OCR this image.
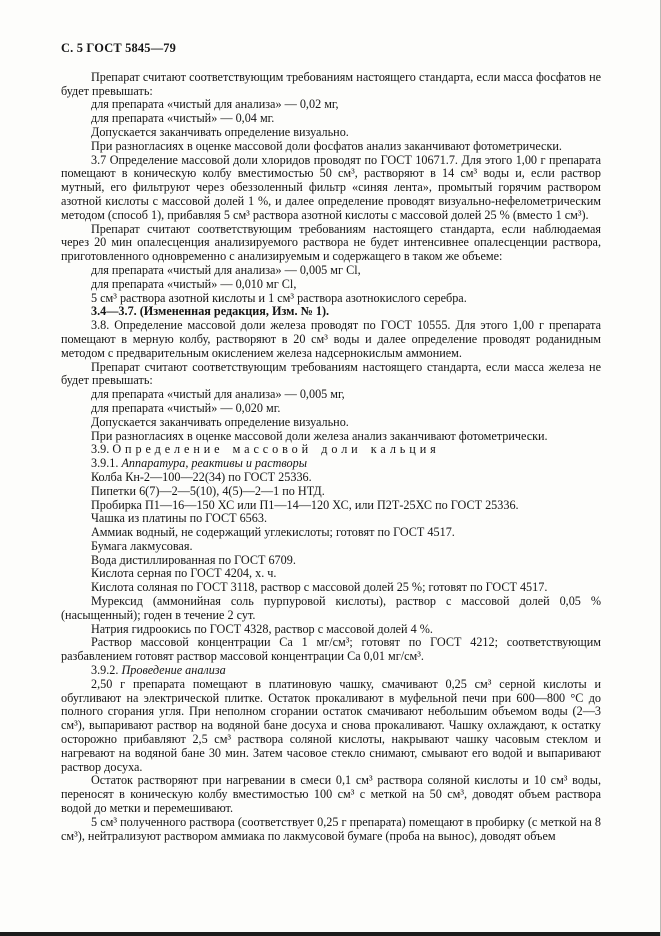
С. 5 ГОСТ 5845—79

Препарат считают соответствующим требованиям настоящего стандарта, если масса фосфатов не будет превышать:

для препарата «чистый для анализа» — 0,02 мг,

для препарата «чистый» — 0,04 мг.

Допускается заканчивать определение визуально.

При разногласиях в оценке массовой доли фосфатов анализ заканчивают фотометрически.

3.7 Определение массовой доли хлоридов проводят по ГОСТ 10671.7. Для этого 1,00 г препарата помещают в коническую колбу вместимостью 50 см³, растворяют в 14 см³ воды и, если раствор мутный, его фильтруют через обеззоленный фильтр «синяя лента», промытый горячим раствором азотной кислоты с массовой долей 1 %, и далее определение проводят визуально-нефелометрическим методом (способ 1), прибавляя 5 см³ раствора азотной кислоты с массовой долей 25 % (вместо 1 см³).

Препарат считают соответствующим требованиям настоящего стандарта, если наблюдаемая через 20 мин опалесценция анализируемого раствора не будет интенсивнее опалесценции раствора, приготовленного одновременно с анализируемым и содержащего в таком же объеме:

для препарата «чистый для анализа» — 0,005 мг Cl,

для препарата «чистый» — 0,010 мг Cl,

5 см³ раствора азотной кислоты и 1 см³ раствора азотнокислого серебра.

3.4—3.7. (Измененная редакция, Изм. № 1).

3.8. Определение массовой доли железа проводят по ГОСТ 10555. Для этого 1,00 г препарата помещают в мерную колбу, растворяют в 20 см³ воды и далее определение проводят роданидным методом с предварительным окислением железа надсернокислым аммонием.

Препарат считают соответствующим требованиям настоящего стандарта, если масса железа не будет превышать:

для препарата «чистый для анализа» — 0,005 мг,

для препарата «чистый» — 0,020 мг.

Допускается заканчивать определение визуально.

При разногласиях в оценке массовой доли железа анализ заканчивают фотометрически.

3.9. Определение массовой доли кальция

3.9.1. Аппаратура, реактивы и растворы

Колба Кн-2—100—22(34) по ГОСТ 25336.

Пипетки 6(7)—2—5(10), 4(5)—2—1 по НТД.

Пробирка П1—16—150 ХС или П1—14—120 ХС, или П2Т-25ХС по ГОСТ 25336.

Чашка из платины по ГОСТ 6563.

Аммиак водный, не содержащий углекислоты; готовят по ГОСТ 4517.

Бумага лакмусовая.

Вода дистиллированная по ГОСТ 6709.

Кислота серная по ГОСТ 4204, х. ч.

Кислота соляная по ГОСТ 3118, раствор с массовой долей 25 %; готовят по ГОСТ 4517.

Мурексид (аммонийная соль пурпуровой кислоты), раствор с массовой долей 0,05 % (насыщенный); годен в течение 2 сут.

Натрия гидроокись по ГОСТ 4328, раствор с массовой долей 4 %.

Раствор массовой концентрации Са 1 мг/см³; готовят по ГОСТ 4212; соответствующим разбавлением готовят раствор массовой концентрации Са 0,01 мг/см³.

3.9.2. Проведение анализа

2,50 г препарата помещают в платиновую чашку, смачивают 0,25 см³ серной кислоты и обугливают на электрической плитке. Остаток прокаливают в муфельной печи при 600—800 °С до полного сгорания угля. При неполном сгорании остаток смачивают небольшим объемом воды (2—3 см³), выпаривают раствор на водяной бане досуха и снова прокаливают. Чашку охлаждают, к остатку осторожно прибавляют 2,5 см³ раствора соляной кислоты, накрывают чашку часовым стеклом и нагревают на водяной бане 30 мин. Затем часовое стекло снимают, смывают его водой и выпаривают раствор досуха.

Остаток растворяют при нагревании в смеси 0,1 см³ раствора соляной кислоты и 10 см³ воды, переносят в коническую колбу вместимостью 100 см³ с меткой на 50 см³, доводят объем раствора водой до метки и перемешивают.

5 см³ полученного раствора (соответствует 0,25 г препарата) помещают в пробирку (с меткой на 8 см³), нейтрализуют раствором аммиака по лакмусовой бумаге (проба на вынос), доводят объем
